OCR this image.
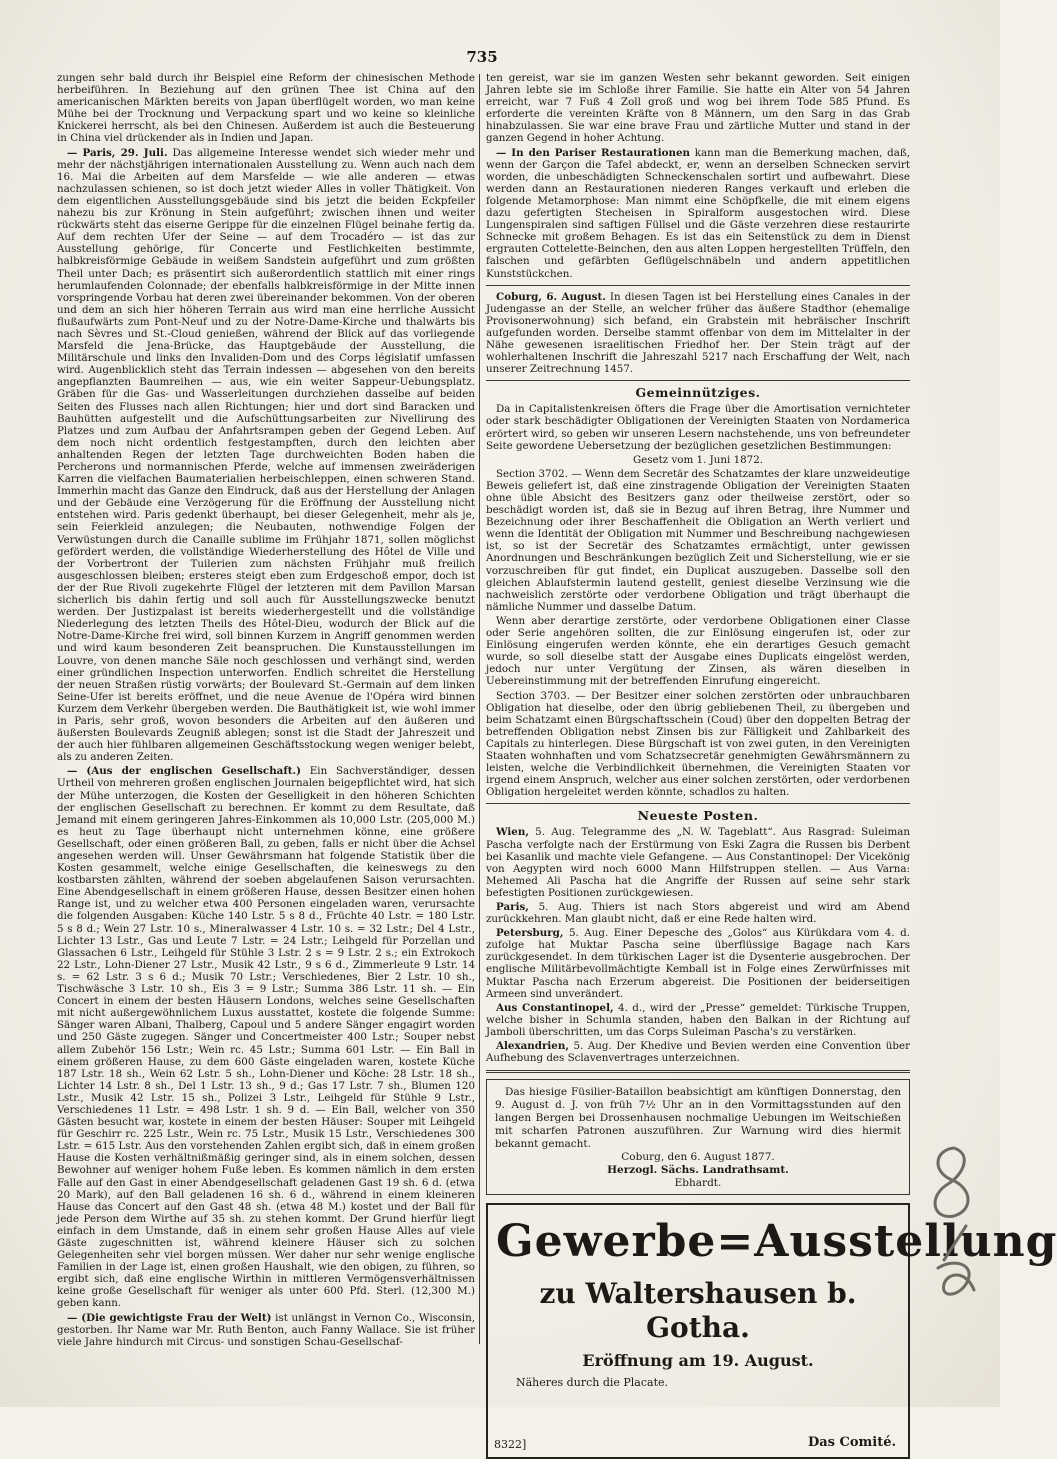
735

zungen sehr bald durch ihr Beispiel eine Reform der chinesischen Methode herbeiführen. In Beziehung auf den grünen Thee ist China auf den americanischen Märkten bereits von Japan überflügelt worden, wo man keine Mühe bei der Trocknung und Verpackung spart und wo keine so kleinliche Knickerei herrscht, als bei den Chinesen. Außerdem ist auch die Besteuerung in China viel drückender als in Indien und Japan.

— Paris, 29. Juli. Das allgemeine Interesse wendet sich wieder mehr und mehr der nächstjährigen internationalen Ausstellung zu. Wenn auch nach dem 16. Mai die Arbeiten auf dem Marsfelde — wie alle anderen — etwas nachzulassen schienen, so ist doch jetzt wieder Alles in voller Thätigkeit. Von dem eigentlichen Ausstellungsgebäude sind bis jetzt die beiden Eckpfeiler nahezu bis zur Krönung in Stein aufgeführt; zwischen ihnen und weiter rückwärts steht das eiserne Gerippe für die einzelnen Flügel beinahe fertig da. Auf dem rechten Ufer der Seine — auf dem Trocadéro — ist das zur Ausstellung gehörige, für Concerte und Festlichkeiten bestimmte, halbkreisförmige Gebäude in weißem Sandstein aufgeführt und zum größten Theil unter Dach; es präsentirt sich außerordentlich stattlich mit einer rings herumlaufenden Colonnade; der ebenfalls halbkreisförmige in der Mitte innen vorspringende Vorbau hat deren zwei übereinander bekommen. Von der oberen und dem an sich hier höheren Terrain aus wird man eine herrliche Aussicht flußaufwärts zum Pont-Neuf und zu der Notre-Dame-Kirche und thalwärts bis nach Sèvres und St.-Cloud genießen, während der Blick auf das vorliegende Marsfeld die Jena-Brücke, das Hauptgebäude der Ausstellung, die Militärschule und links den Invaliden-Dom und des Corps législatif umfassen wird. Augenblicklich steht das Terrain indessen — abgesehen von den bereits angepflanzten Baumreihen — aus, wie ein weiter Sappeur-Uebungsplatz. Gräben für die Gas- und Wasserleitungen durchziehen dasselbe auf beiden Seiten des Flusses nach allen Richtungen; hier und dort sind Baracken und Bauhütten aufgestellt und die Aufschüttungsarbeiten zur Nivellirung des Platzes und zum Aufbau der Anfahrtsrampen geben der Gegend Leben. Auf dem noch nicht ordentlich festgestampften, durch den leichten aber anhaltenden Regen der letzten Tage durchweichten Boden haben die Percherons und normannischen Pferde, welche auf immensen zweiräderigen Karren die vielfachen Baumaterialien herbeischleppen, einen schweren Stand. Immerhin macht das Ganze den Eindruck, daß aus der Herstellung der Anlagen und der Gebäude eine Verzögerung für die Eröffnung der Ausstellung nicht entstehen wird. Paris gedenkt überhaupt, bei dieser Gelegenheit, mehr als je, sein Feierkleid anzulegen; die Neubauten, nothwendige Folgen der Verwüstungen durch die Canaille sublime im Frühjahr 1871, sollen möglichst gefördert werden, die vollständige Wiederherstellung des Hôtel de Ville und der Vorbertront der Tuilerien zum nächsten Frühjahr muß freilich ausgeschlossen bleiben; ersteres steigt eben zum Erdgeschoß empor, doch ist der der Rue Rivoli zugekehrte Flügel der letzteren mit dem Pavillon Marsan sicherlich bis dahin fertig und soll auch für Ausstellungszwecke benutzt werden. Der Justizpalast ist bereits wiederhergestellt und die vollständige Niederlegung des letzten Theils des Hôtel-Dieu, wodurch der Blick auf die Notre-Dame-Kirche frei wird, soll binnen Kurzem in Angriff genommen werden und wird kaum besonderen Zeit beanspruchen. Die Kunstausstellungen im Louvre, von denen manche Säle noch geschlossen und verhängt sind, werden einer gründlichen Inspection unterworfen. Endlich schreitet die Herstellung der neuen Straßen rüstig vorwärts; der Boulevard St.-Germain auf dem linken Seine-Ufer ist bereits eröffnet, und die neue Avenue de l'Opéra wird binnen Kurzem dem Verkehr übergeben werden. Die Bauthätigkeit ist, wie wohl immer in Paris, sehr groß, wovon besonders die Arbeiten auf den äußeren und äußersten Boulevards Zeugniß ablegen; sonst ist die Stadt der Jahreszeit und der auch hier fühlbaren allgemeinen Geschäftsstockung wegen weniger belebt, als zu anderen Zeiten.

— (Aus der englischen Gesellschaft.) Ein Sachverständiger, dessen Urtheil von mehreren großen englischen Journalen beigepflichtet wird, hat sich der Mühe unterzogen, die Kosten der Geselligkeit in den höheren Schichten der englischen Gesellschaft zu berechnen. Er kommt zu dem Resultate, daß Jemand mit einem geringeren Jahres-Einkommen als 10,000 Lstr. (205,000 M.) es heut zu Tage überhaupt nicht unternehmen könne, eine größere Gesellschaft, oder einen größeren Ball, zu geben, falls er nicht über die Achsel angesehen werden will. Unser Gewährsmann hat folgende Statistik über die Kosten gesammelt, welche einige Gesellschaften, die keineswegs zu den kostbarsten zählten, während der soeben abgelaufenen Saison verursachten. Eine Abendgesellschaft in einem größeren Hause, dessen Besitzer einen hohen Range ist, und zu welcher etwa 400 Personen eingeladen waren, verursachte die folgenden Ausgaben: Küche 140 Lstr. 5 s 8 d., Früchte 40 Lstr. = 180 Lstr. 5 s 8 d.; Wein 27 Lstr. 10 s., Mineralwasser 4 Lstr. 10 s. = 32 Lstr.; Del 4 Lstr., Lichter 13 Lstr., Gas und Leute 7 Lstr. = 24 Lstr.; Leihgeld für Porzellan und Glassachen 6 Lstr., Leihgeld für Stühle 3 Lstr. 2 s = 9 Lstr. 2 s.; ein Extrokoch 22 Lstr., Lohn-Diener 27 Lstr., Musik 42 Lstr., 9 s 6 d., Zimmerleute 9 Lstr. 14 s. = 62 Lstr. 3 s 6 d.; Musik 70 Lstr.; Verschiedenes, Bier 2 Lstr. 10 sh., Tischwäsche 3 Lstr. 10 sh., Eis 3 = 9 Lstr.; Summa 386 Lstr. 11 sh. — Ein Concert in einem der besten Häusern Londons, welches seine Gesellschaften mit nicht außergewöhnlichem Luxus ausstattet, kostete die folgende Summe: Sänger waren Albani, Thalberg, Capoul und 5 andere Sänger engagirt worden und 250 Gäste zugegen. Sänger und Concertmeister 400 Lstr.; Souper nebst allem Zubehör 156 Lstr.; Wein rc. 45 Lstr.; Summa 601 Lstr. — Ein Ball in einem größeren Hause, zu dem 600 Gäste eingeladen waren, kostete Küche 187 Lstr. 18 sh., Wein 62 Lstr. 5 sh., Lohn-Diener und Köche: 28 Lstr. 18 sh., Lichter 14 Lstr. 8 sh., Del 1 Lstr. 13 sh., 9 d.; Gas 17 Lstr. 7 sh., Blumen 120 Lstr., Musik 42 Lstr. 15 sh., Polizei 3 Lstr., Leihgeld für Stühle 9 Lstr., Verschiedenes 11 Lstr. = 498 Lstr. 1 sh. 9 d. — Ein Ball, welcher von 350 Gästen besucht war, kostete in einem der besten Häuser: Souper mit Leihgeld für Geschirr rc. 225 Lstr., Wein rc. 75 Lstr., Musik 15 Lstr., Verschiedenes 300 Lstr. = 615 Lstr. Aus den vorstehenden Zahlen ergibt sich, daß in einem großen Hause die Kosten verhältnißmäßig geringer sind, als in einem solchen, dessen Bewohner auf weniger hohem Fuße leben. Es kommen nämlich in dem ersten Falle auf den Gast in einer Abendgesellschaft geladenen Gast 19 sh. 6 d. (etwa 20 Mark), auf den Ball geladenen 16 sh. 6 d., während in einem kleineren Hause das Concert auf den Gast 48 sh. (etwa 48 M.) kostet und der Ball für jede Person dem Wirthe auf 35 sh. zu stehen kommt. Der Grund hierfür liegt einfach in dem Umstande, daß in einem sehr großen Hause Alles auf viele Gäste zugeschnitten ist, während kleinere Häuser sich zu solchen Gelegenheiten sehr viel borgen müssen. Wer daher nur sehr wenige englische Familien in der Lage ist, einen großen Haushalt, wie den obigen, zu führen, so ergibt sich, daß eine englische Wirthin in mittleren Vermögensverhältnissen keine große Gesellschaft für weniger als unter 600 Pfd. Sterl. (12,300 M.) geben kann.

— (Die gewichtigste Frau der Welt) ist unlängst in Vernon Co., Wisconsin, gestorben. Ihr Name war Mr. Ruth Benton, auch Fanny Wallace. Sie ist früher viele Jahre hindurch mit Circus- und sonstigen Schau-Gesellschaf-

ten gereist, war sie im ganzen Westen sehr bekannt geworden. Seit einigen Jahren lebte sie im Schloße ihrer Familie. Sie hatte ein Alter von 54 Jahren erreicht, war 7 Fuß 4 Zoll groß und wog bei ihrem Tode 585 Pfund. Es erforderte die vereinten Kräfte von 8 Männern, um den Sarg in das Grab hinabzulassen. Sie war eine brave Frau und zärtliche Mutter und stand in der ganzen Gegend in hoher Achtung.

— In den Pariser Restaurationen kann man die Bemerkung machen, daß, wenn der Garçon die Tafel abdeckt, er, wenn an derselben Schnecken servirt worden, die unbeschädigten Schneckenschalen sortirt und aufbewahrt. Diese werden dann an Restaurationen niederen Ranges verkauft und erleben die folgende Metamorphose: Man nimmt eine Schöpfkelle, die mit einem eigens dazu gefertigten Stecheisen in Spiralform ausgestochen wird. Diese Lungenspiralen sind saftigen Füllsel und die Gäste verzehren diese restaurirte Schnecke mit großem Behagen. Es ist das ein Seitenstück zu dem in Dienst ergrauten Cottelette-Beinchen, den aus alten Loppen hergestellten Trüffeln, den falschen und gefärbten Geflügelschnäbeln und andern appetitlichen Kunststückchen.

Coburg, 6. August. In diesen Tagen ist bei Herstellung eines Canales in der Judengasse an der Stelle, an welcher früher das äußere Stadthor (ehemalige Provisonerwohnung) sich befand, ein Grabstein mit hebräischer Inschrift aufgefunden worden. Derselbe stammt offenbar von dem im Mittelalter in der Nähe gewesenen israelitischen Friedhof her. Der Stein trägt auf der wohlerhaltenen Inschrift die Jahreszahl 5217 nach Erschaffung der Welt, nach unserer Zeitrechnung 1457.

Gemeinnütziges.

Da in Capitalistenkreisen öfters die Frage über die Amortisation vernichteter oder stark beschädigter Obligationen der Vereinigten Staaten von Nordamerica erörtert wird, so geben wir unseren Lesern nachstehende, uns von befreundeter Seite gewordene Uebersetzung der bezüglichen gesetzlichen Bestimmungen:

Gesetz vom 1. Juni 1872.

Section 3702. — Wenn dem Secretär des Schatzamtes der klare unzweideutige Beweis geliefert ist, daß eine zinstragende Obligation der Vereinigten Staaten ohne üble Absicht des Besitzers ganz oder theilweise zerstört, oder so beschädigt worden ist, daß sie in Bezug auf ihren Betrag, ihre Nummer und Bezeichnung oder ihrer Beschaffenheit die Obligation an Werth verliert und wenn die Identität der Obligation mit Nummer und Beschreibung nachgewiesen ist, so ist der Secretär des Schatzamtes ermächtigt, unter gewissen Anordnungen und Beschränkungen bezüglich Zeit und Sicherstellung, wie er sie vorzuschreiben für gut findet, ein Duplicat auszugeben. Dasselbe soll den gleichen Ablaufstermin lautend gestellt, geniest dieselbe Verzinsung wie die nachweislich zerstörte oder verdorbene Obligation und trägt überhaupt die nämliche Nummer und dasselbe Datum.

Wenn aber derartige zerstörte, oder verdorbene Obligationen einer Classe oder Serie angehören sollten, die zur Einlösung eingerufen ist, oder zur Einlösung eingerufen werden könnte, ehe ein derartiges Gesuch gemacht wurde, so soll dieselbe statt der Ausgabe eines Duplicats eingelöst werden, jedoch nur unter Vergütung der Zinsen, als wären dieselben in Uebereinstimmung mit der betreffenden Einrufung eingereicht.

Section 3703. — Der Besitzer einer solchen zerstörten oder unbrauchbaren Obligation hat dieselbe, oder den übrig gebliebenen Theil, zu übergeben und beim Schatzamt einen Bürgschaftsschein (Coud) über den doppelten Betrag der betreffenden Obligation nebst Zinsen bis zur Fälligkeit und Zahlbarkeit des Capitals zu hinterlegen. Diese Bürgschaft ist von zwei guten, in den Vereinigten Staaten wohnhaften und vom Schatzsecretär genehmigten Gewährsmännern zu leisten, welche die Verbindlichkeit übernehmen, die Vereinigten Staaten vor irgend einem Anspruch, welcher aus einer solchen zerstörten, oder verdorbenen Obligation hergeleitet werden könnte, schadlos zu halten.

Neueste Posten.

Wien, 5. Aug. Telegramme des „N. W. Tageblatt“. Aus Rasgrad: Suleiman Pascha verfolgte nach der Erstürmung von Eski Zagra die Russen bis Derbent bei Kasanlik und machte viele Gefangene. — Aus Constantinopel: Der Vicekönig von Aegypten wird noch 6000 Mann Hilfstruppen stellen. — Aus Varna: Mehemed Ali Pascha hat die Angriffe der Russen auf seine sehr stark befestigten Positionen zurückgewiesen.

Paris, 5. Aug. Thiers ist nach Stors abgereist und wird am Abend zurückkehren. Man glaubt nicht, daß er eine Rede halten wird.

Petersburg, 5. Aug. Einer Depesche des „Golos“ aus Kürükdara vom 4. d. zufolge hat Muktar Pascha seine überflüssige Bagage nach Kars zurückgesendet. In dem türkischen Lager ist die Dysenterie ausgebrochen. Der englische Militärbevollmächtigte Kemball ist in Folge eines Zerwürfnisses mit Muktar Pascha nach Erzerum abgereist. Die Positionen der beiderseitigen Armeen sind unverändert.

Aus Constantinopel, 4. d., wird der „Presse“ gemeldet: Türkische Truppen, welche bisher in Schumla standen, haben den Balkan in der Richtung auf Jamboli überschritten, um das Corps Suleiman Pascha's zu verstärken.

Alexandrien, 5. Aug. Der Khedive und Bevien werden eine Convention über Aufhebung des Sclavenvertrages unterzeichnen.

Das hiesige Füsilier-Bataillon beabsichtigt am künftigen Donnerstag, den 9. August d. J. von früh 7½ Uhr an in den Vormittagsstunden auf den langen Bergen bei Drossenhausen nochmalige Uebungen im Weitschießen mit scharfen Patronen auszuführen. Zur Warnung wird dies hiermit bekannt gemacht.

Coburg, den 6. August 1877.
Herzogl. Sächs. Landrathsamt.
Ebhardt.
Gewerbe=Ausstellung
zu Waltershausen b. Gotha.
Eröffnung am 19. August.
Näheres durch die Placate.
8322]	Das Comité.
